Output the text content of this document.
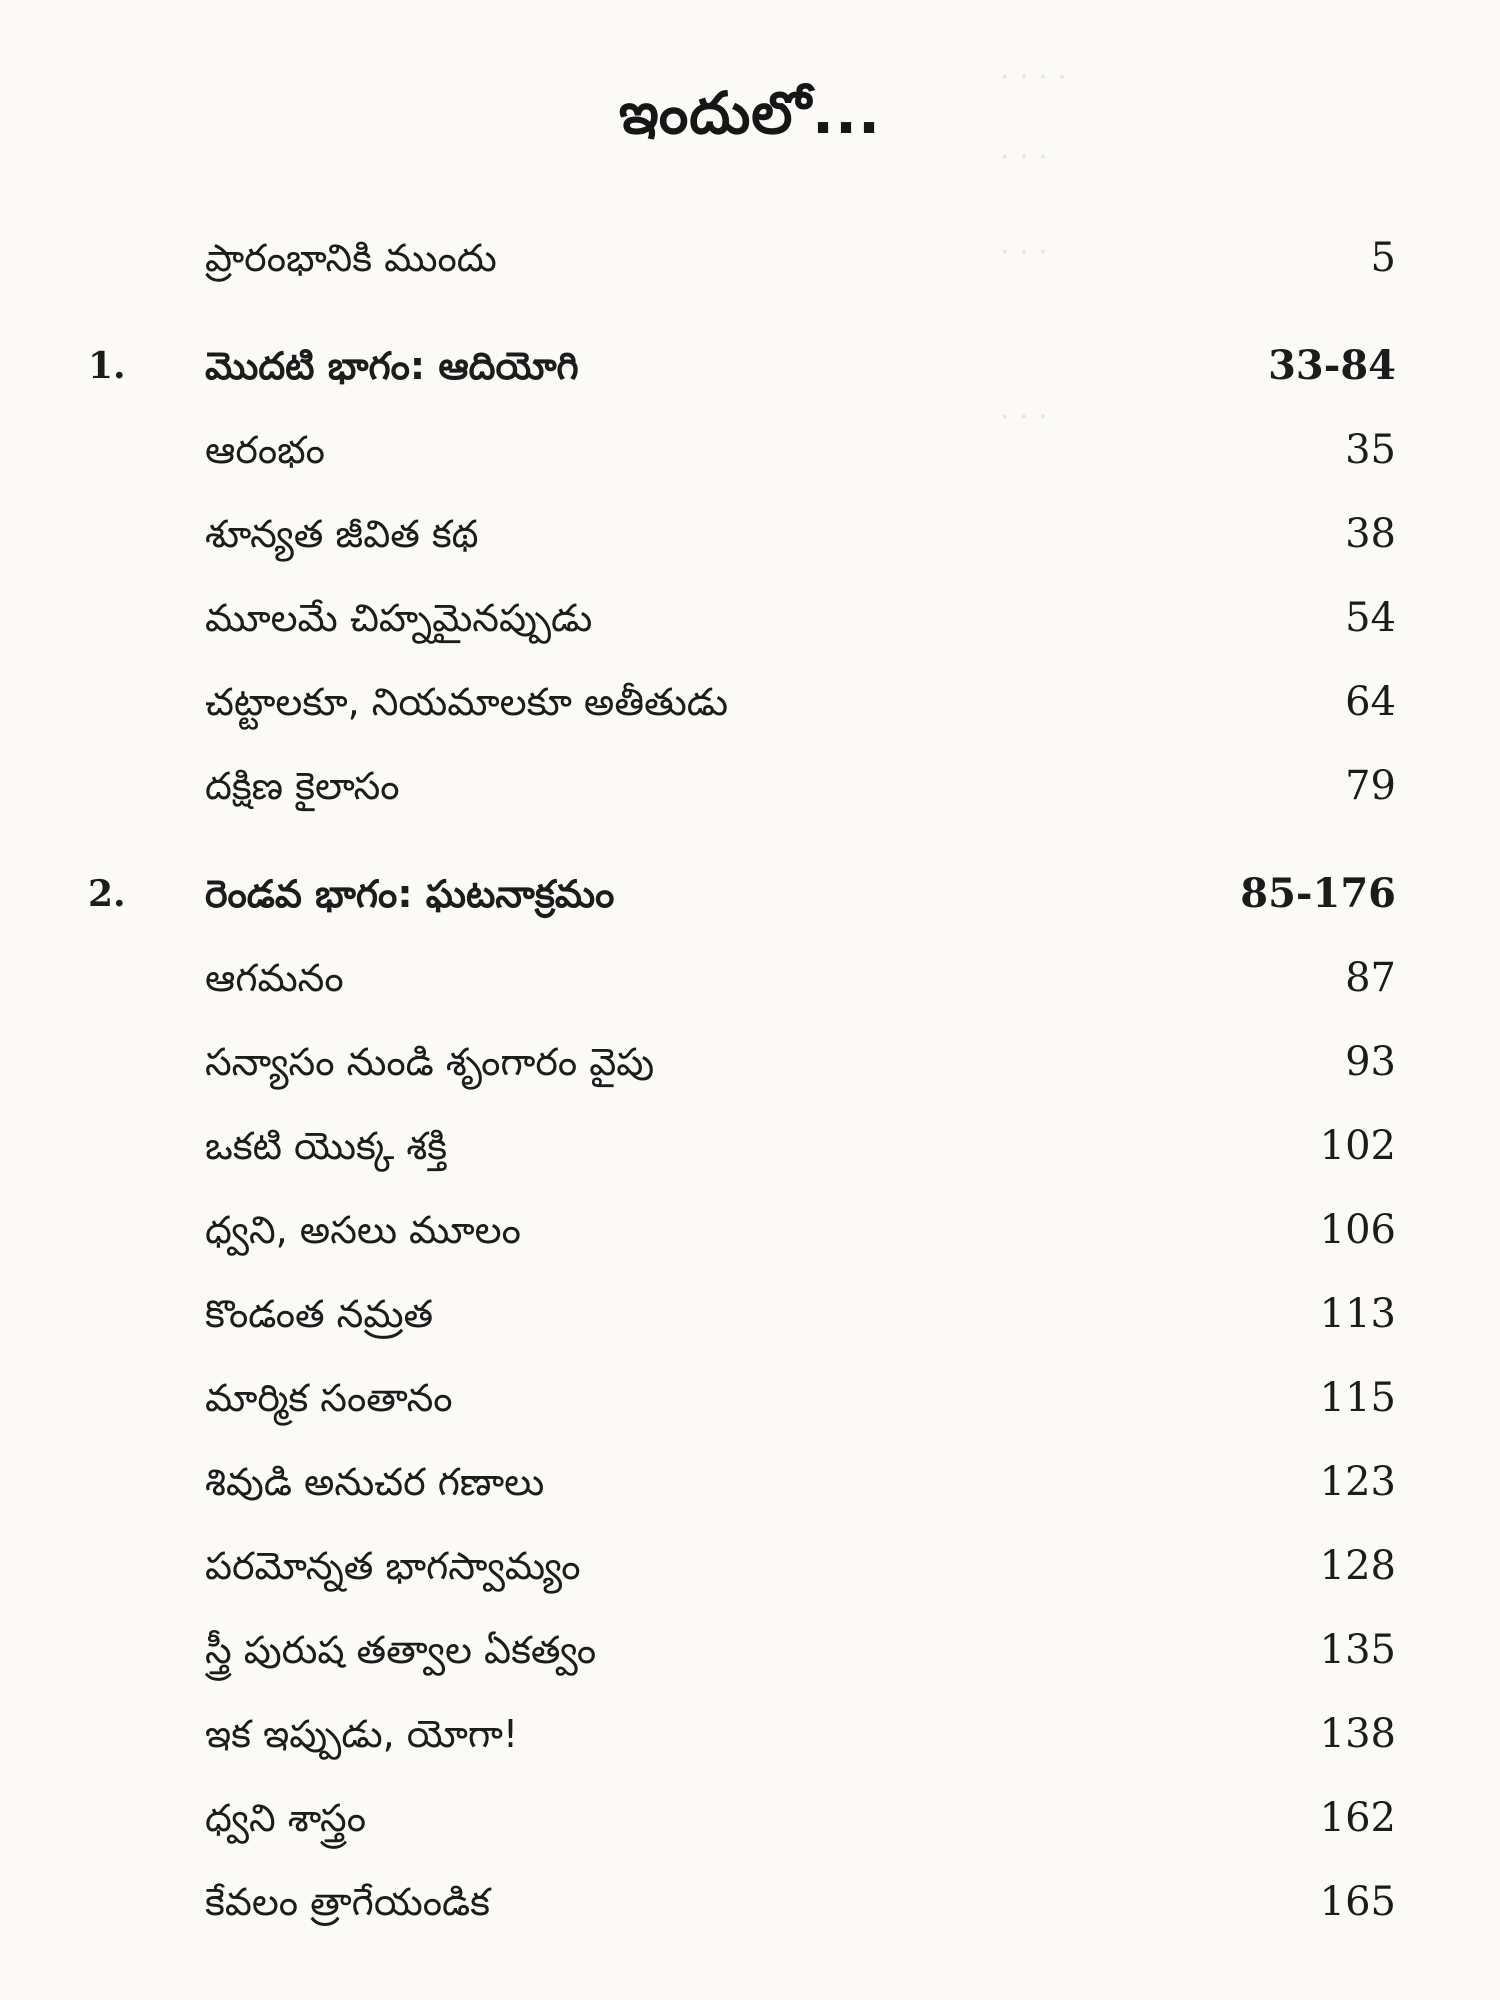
· · · ·
· · ·
· · ·
· · ·
ఇందులో...
ప్రారంభానికి ముందు	5
1. మొదటి భాగం: ఆదియోగి	33-84
ఆరంభం	35
శూన్యత జీవిత కథ	38
మూలమే చిహ్నమైనప్పుడు	54
చట్టాలకూ, నియమాలకూ అతీతుడు	64
దక్షిణ కైలాసం	79
2. రెండవ భాగం: ఘటనాక్రమం	85-176
ఆగమనం	87
సన్యాసం నుండి శృంగారం వైపు	93
ఒకటి యొక్క శక్తి	102
ధ్వని, అసలు మూలం	106
కొండంత నమ్రత	113
మార్మిక సంతానం	115
శివుడి అనుచర గణాలు	123
పరమోన్నత భాగస్వామ్యం	128
స్త్రీ పురుష తత్వాల ఏకత్వం	135
ఇక ఇప్పుడు, యోగా!	138
ధ్వని శాస్త్రం	162
కేవలం త్రాగేయండిక	165
